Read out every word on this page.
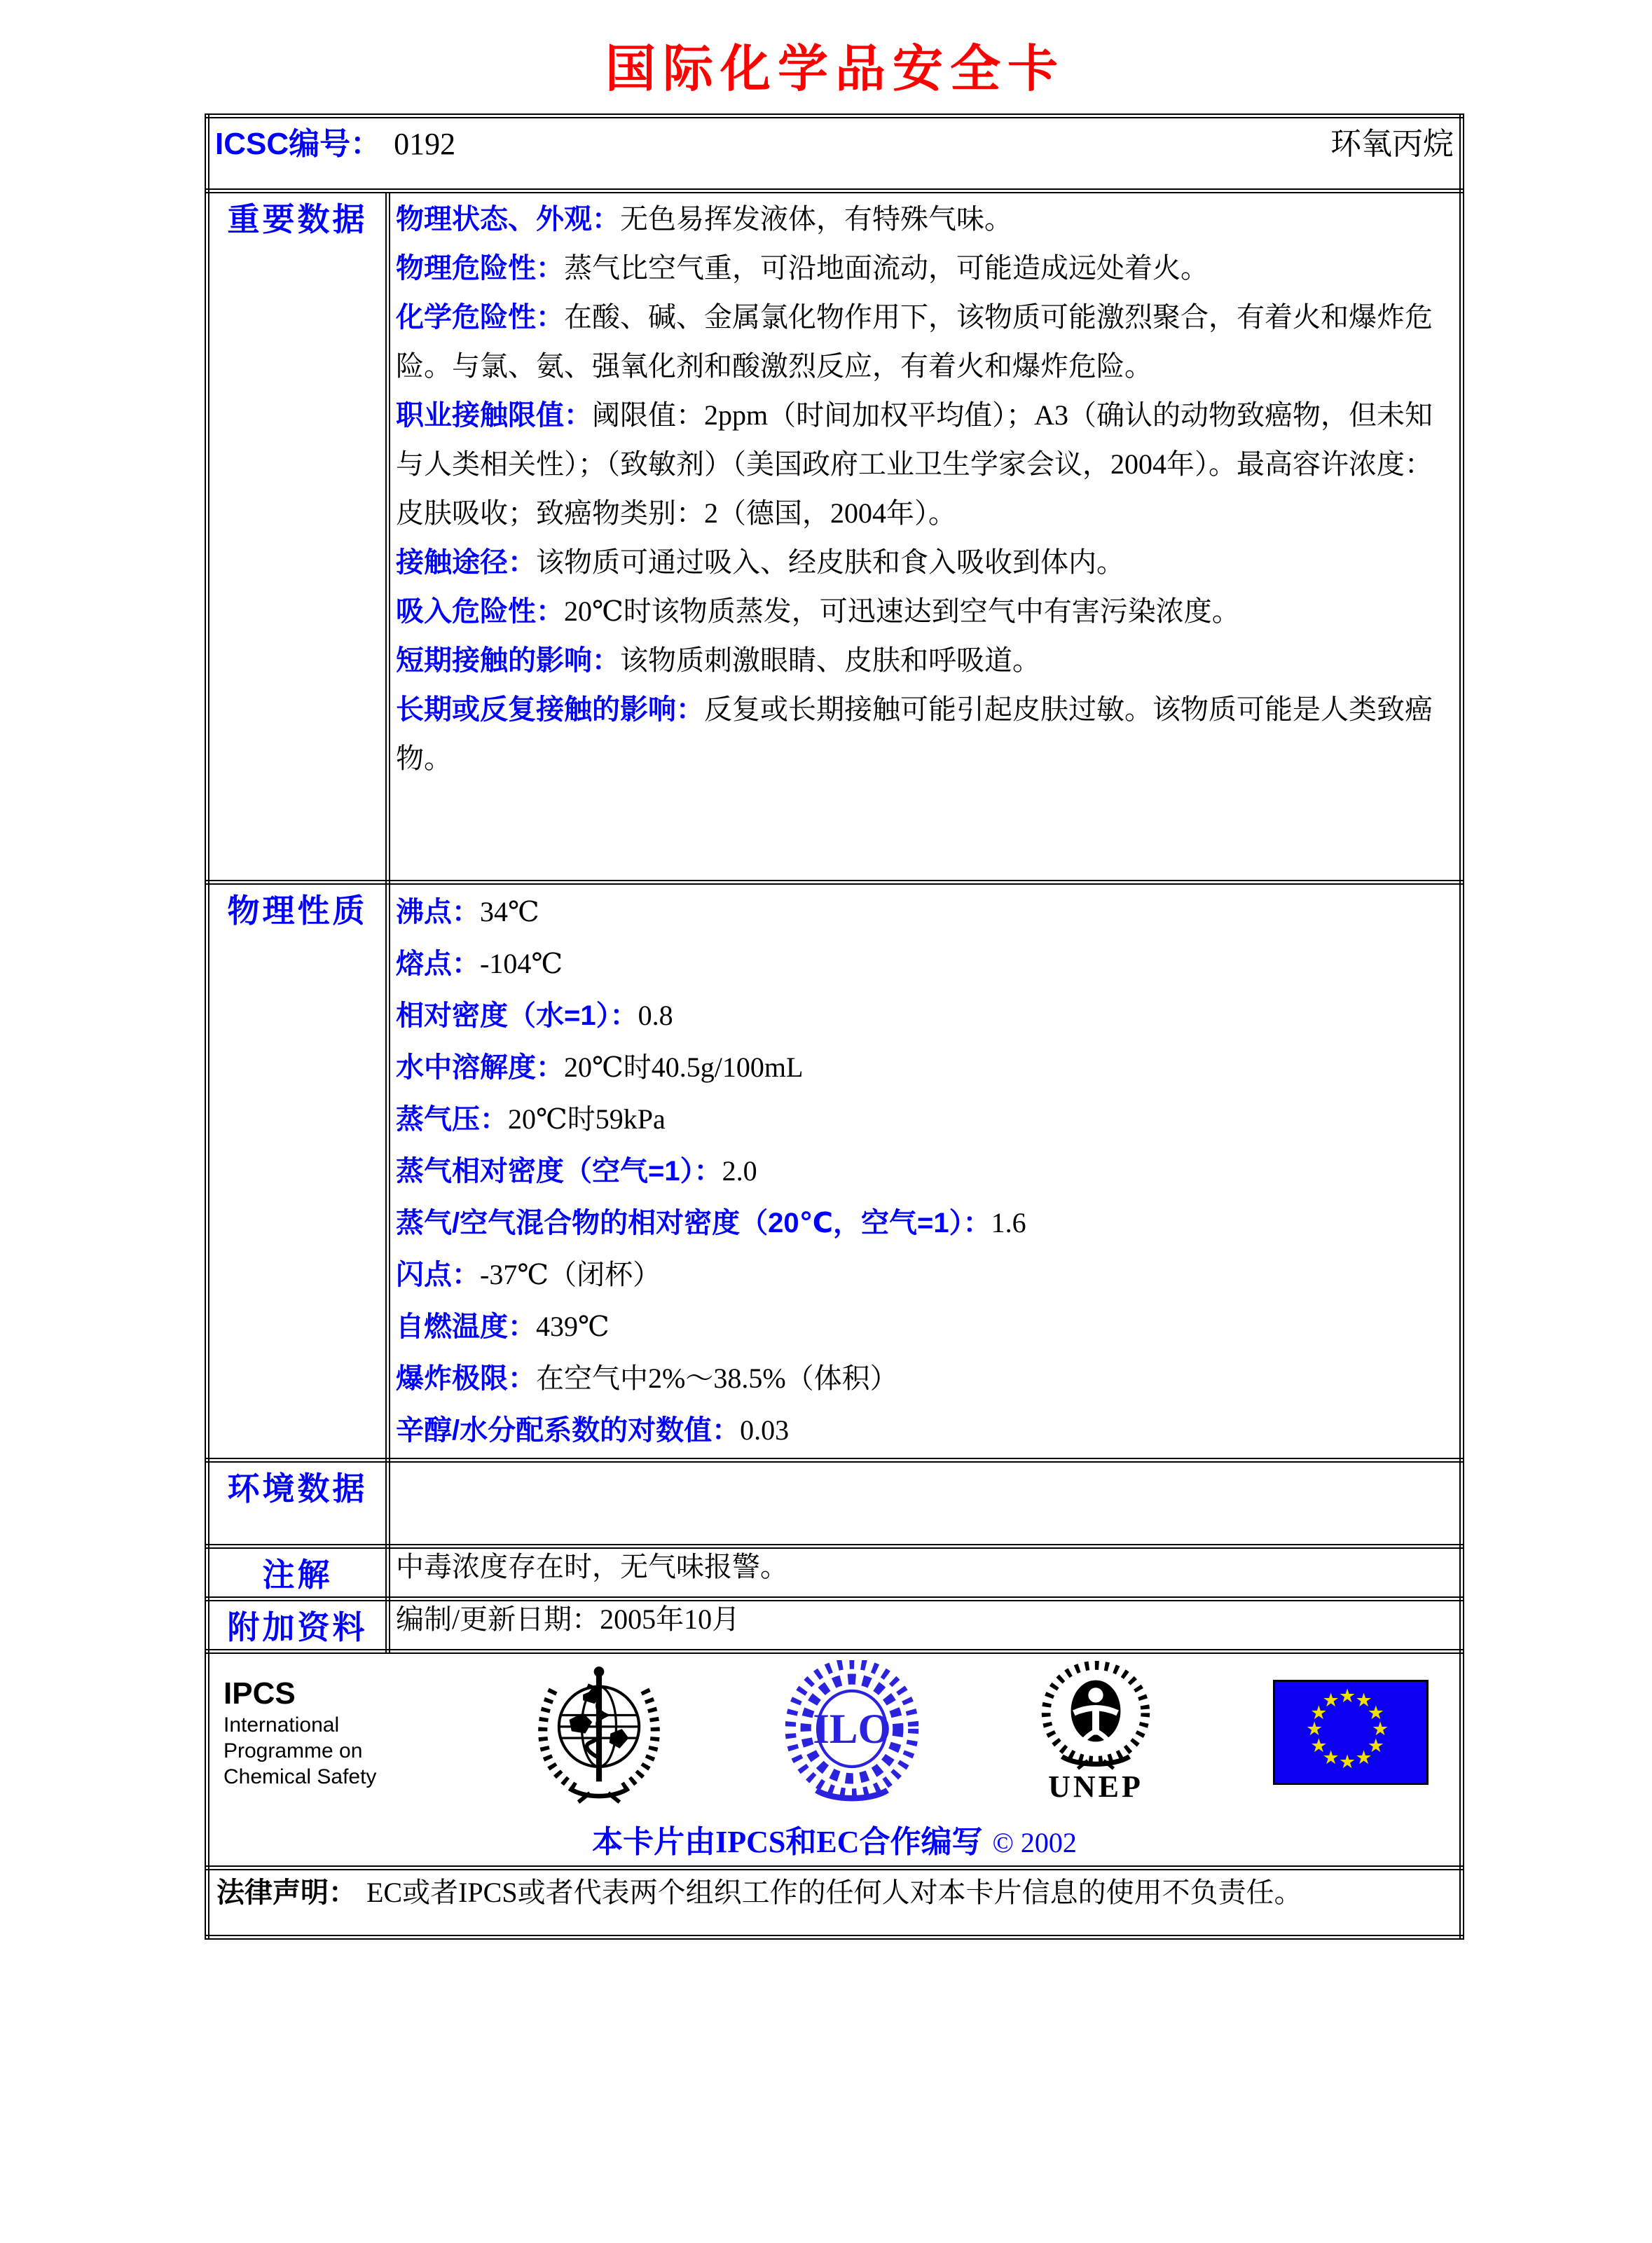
国际化学品安全卡
ICSC编号： 0192 环氧丙烷	

重要数据	物理状态、外观：无色易挥发液体，有特殊气味。
物理危险性：蒸气比空气重，可沿地面流动，可能造成远处着火。
化学危险性：在酸、碱、金属氯化物作用下，该物质可能激烈聚合，有着火和爆炸危险。与氯、氨、强氧化剂和酸激烈反应，有着火和爆炸危险。
职业接触限值：阈限值：2ppm（时间加权平均值）；A3（确认的动物致癌物，但未知与人类相关性）；（致敏剂）（美国政府工业卫生学家会议，2004年）。最高容许浓度：皮肤吸收；致癌物类别：2（德国，2004年）。
接触途径：该物质可通过吸入、经皮肤和食入吸收到体内。
吸入危险性：20℃时该物质蒸发，可迅速达到空气中有害污染浓度。
短期接触的影响：该物质刺激眼睛、皮肤和呼吸道。
长期或反复接触的影响：反复或长期接触可能引起皮肤过敏。该物质可能是人类致癌物。

物理性质	沸点：34℃
熔点：-104℃
相对密度（水=1）：0.8
水中溶解度：20℃时40.5g/100mL
蒸气压：20℃时59kPa
蒸气相对密度（空气=1）：2.0
蒸气/空气混合物的相对密度（20℃，空气=1）：1.6
闪点：-37℃（闭杯）
自燃温度：439℃
爆炸极限：在空气中2%～38.5%（体积）
辛醇/水分配系数的对数值：0.03

环境数据	
注解	中毒浓度存在时，无气味报警。

附加资料	编制/更新日期：2005年10月

IPCS
International
Programme on
Chemical Safety
ILO
UNEP
★ ★
★
★
★
★
★
★
★
★
★
★
本卡片由IPCS和EC合作编写 © 2002

法律声明： EC或者IPCS或者代表两个组织工作的任何人对本卡片信息的使用不负责任。	
